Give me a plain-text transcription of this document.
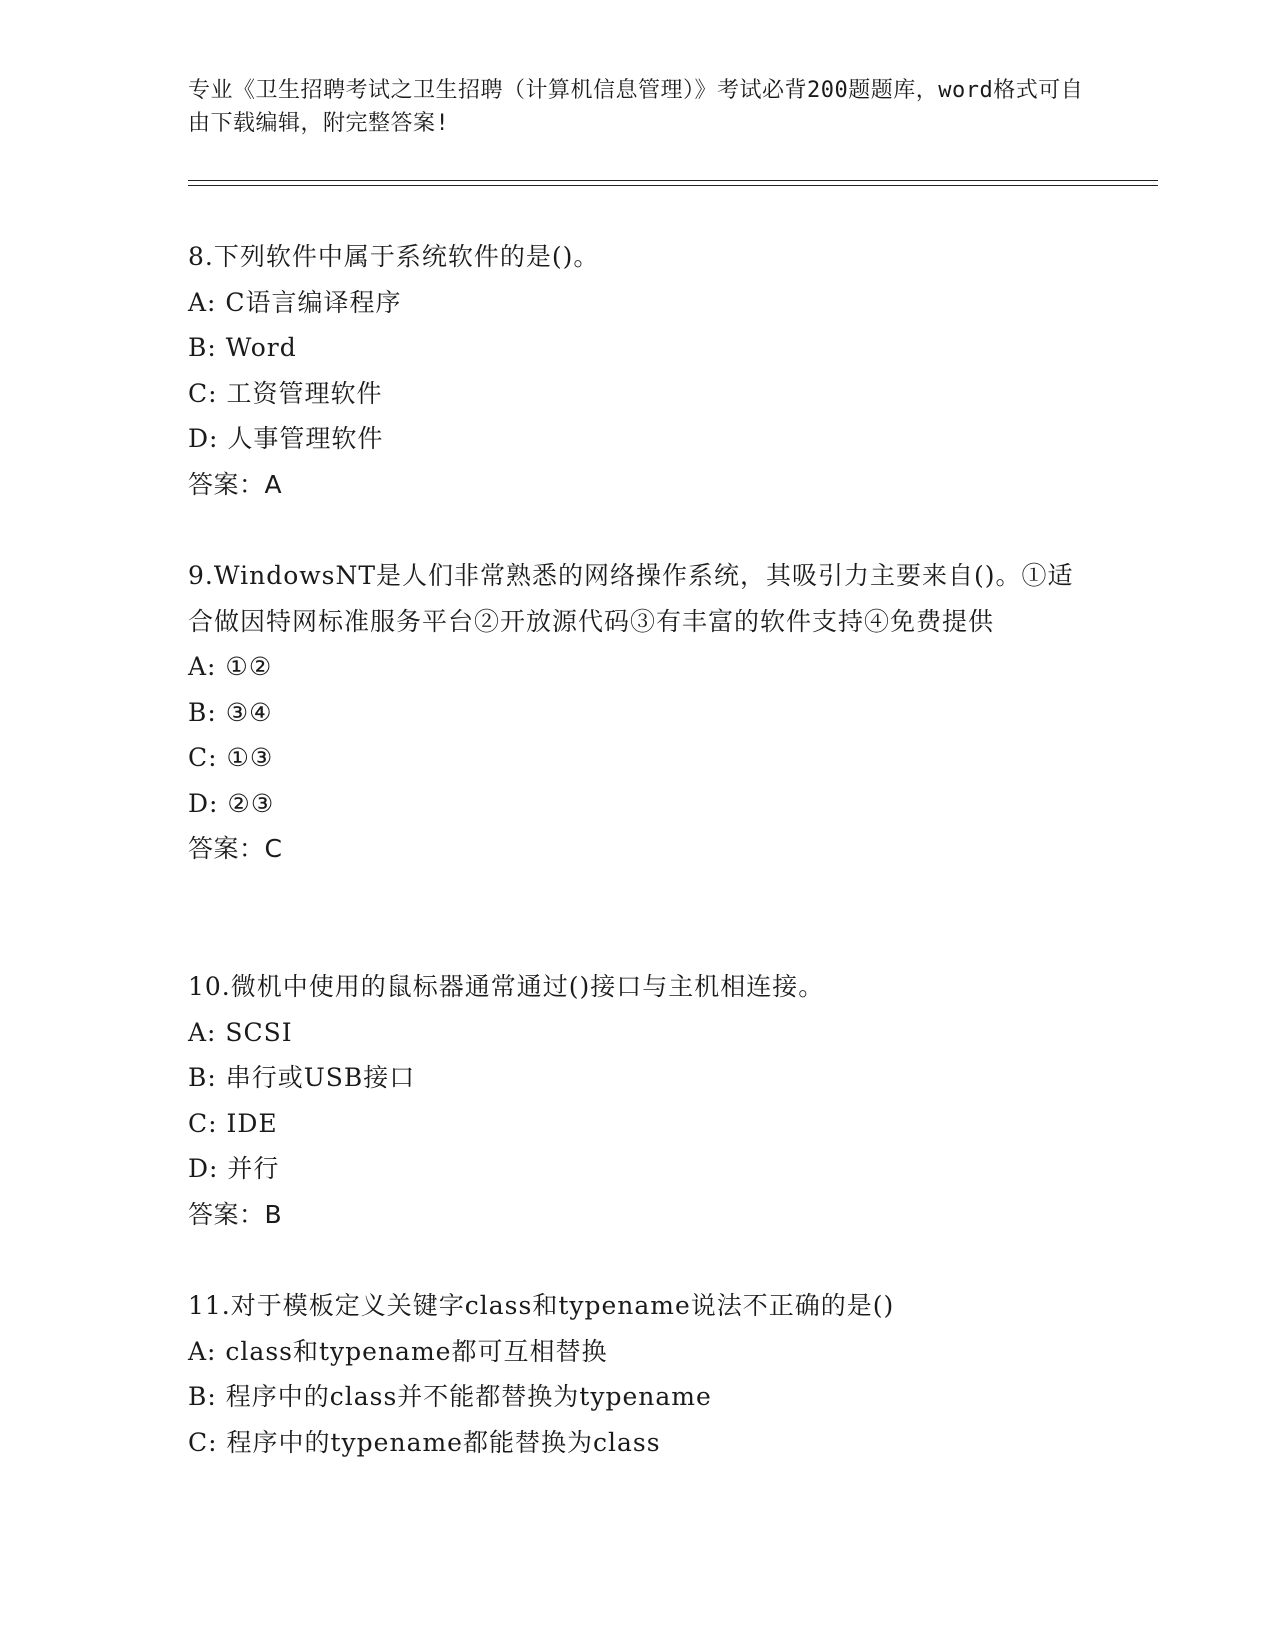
专业《卫生招聘考试之卫生招聘（计算机信息管理）》考试必背200题题库，word格式可自由下载编辑，附完整答案!
8.下列软件中属于系统软件的是()。
A: C语言编译程序
B: Word
C: 工资管理软件
D: 人事管理软件
答案：A
9.WindowsNT是人们非常熟悉的网络操作系统，其吸引力主要来自()。①适合做因特网标准服务平台②开放源代码③有丰富的软件支持④免费提供
A: ①②
B: ③④
C: ①③
D: ②③
答案：C
10.微机中使用的鼠标器通常通过()接口与主机相连接。
A: SCSI
B: 串行或USB接口
C: IDE
D: 并行
答案：B
11.对于模板定义关键字class和typename说法不正确的是()
A: class和typename都可互相替换
B: 程序中的class并不能都替换为typename
C: 程序中的typename都能替换为class
